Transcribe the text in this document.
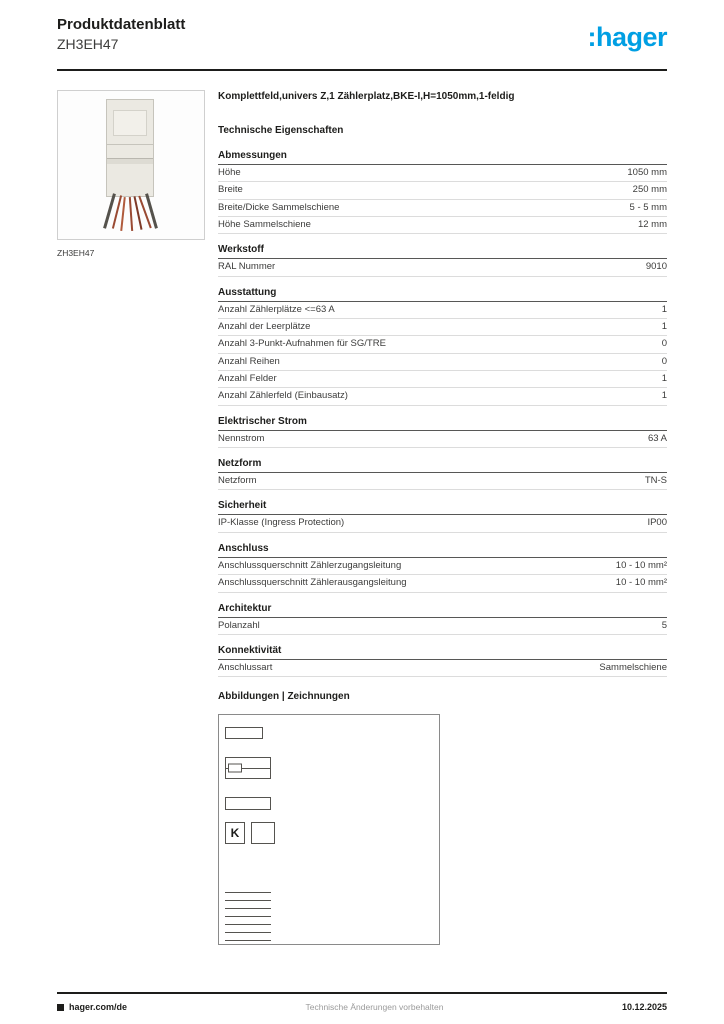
Produktdatenblatt
ZH3EH47	:hager
ZH3EH47
Komplettfeld,univers Z,1 Zählerplatz,BKE-I,H=1050mm,1-feldig
Technische Eigenschaften
Abmessungen
Höhe	1050 mm
Breite	250 mm
Breite/Dicke Sammelschiene	5 - 5 mm
Höhe Sammelschiene	12 mm
Werkstoff
RAL Nummer	9010
Ausstattung
Anzahl Zählerplätze <=63 A	1
Anzahl der Leerplätze	1
Anzahl 3-Punkt-Aufnahmen für SG/TRE	0
Anzahl Reihen	0
Anzahl Felder	1
Anzahl Zählerfeld (Einbausatz)	1
Elektrischer Strom
Nennstrom	63 A
Netzform
Netzform	TN-S
Sicherheit
IP-Klasse (Ingress Protection)	IP00
Anschluss
Anschlussquerschnitt Zählerzugangsleitung	10 - 10 mm²
Anschlussquerschnitt Zählerausgangsleitung	10 - 10 mm²
Architektur
Polanzahl	5
Konnektivität
Anschlussart	Sammelschiene
Abbildungen | Zeichnungen
K
hager.com/de	Technische Änderungen vorbehalten	10.12.2025
